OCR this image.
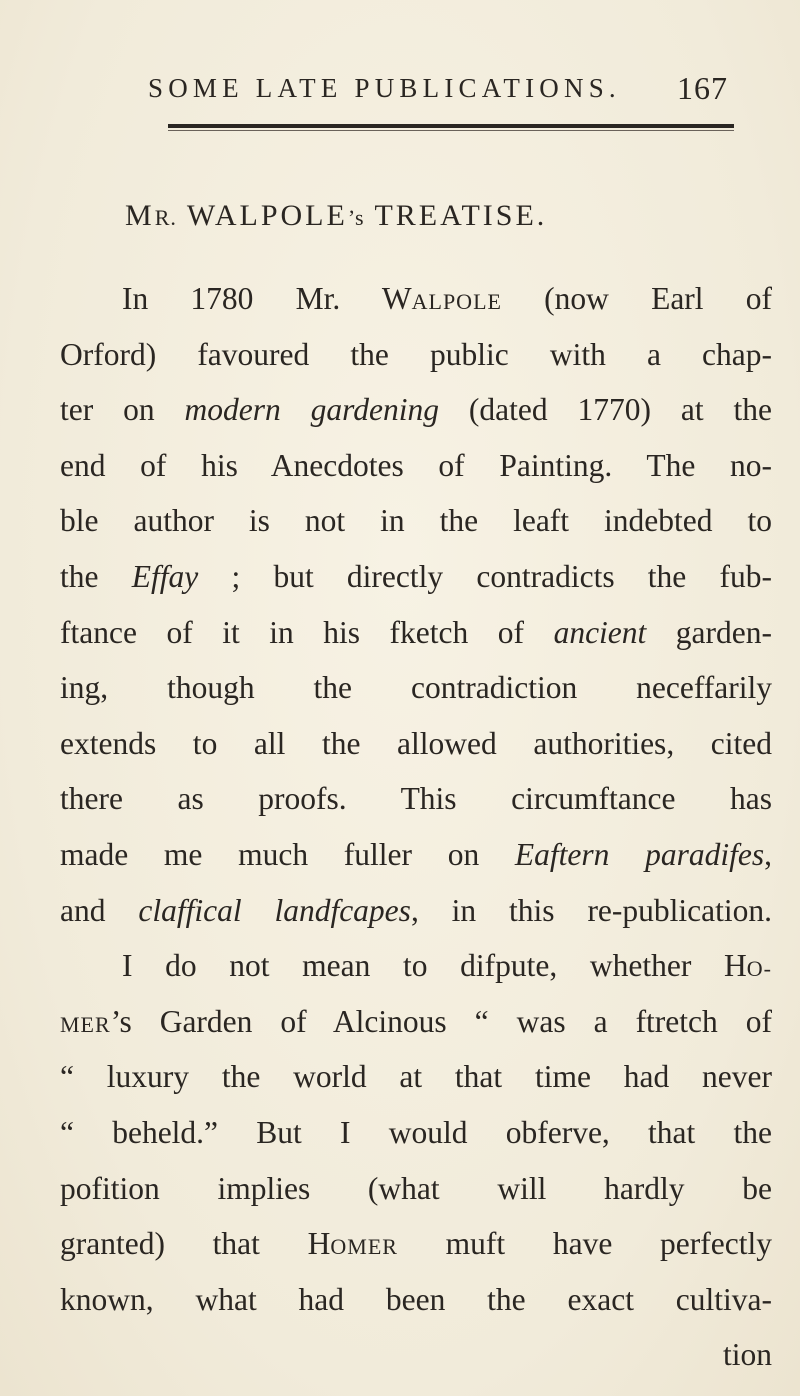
SOME LATE PUBLICATIONS. 167
MR. WALPOLE’s TREATISE.
In 1780 Mr. WALPOLE (now Earl of
Orford) favoured the public with a chap-
ter on modern gardening (dated 1770) at the
end of his Anecdotes of Painting. The no-
ble author is not in the leaft indebted to
the Effay ; but directly contradicts the fub-
ftance of it in his fketch of ancient garden-
ing, though the contradiction neceffarily
extends to all the allowed authorities, cited
there as proofs. This circumftance has
made me much fuller on Eaftern paradifes,
and claffical landfcapes, in this re-publication.
I do not mean to difpute, whether HO-
MER’s Garden of Alcinous “ was a ftretch of
“ luxury the world at that time had never
“ beheld.” But I would obferve, that the
pofition implies (what will hardly be
granted) that HOMER muft have perfectly
known, what had been the exact cultiva-
tion
